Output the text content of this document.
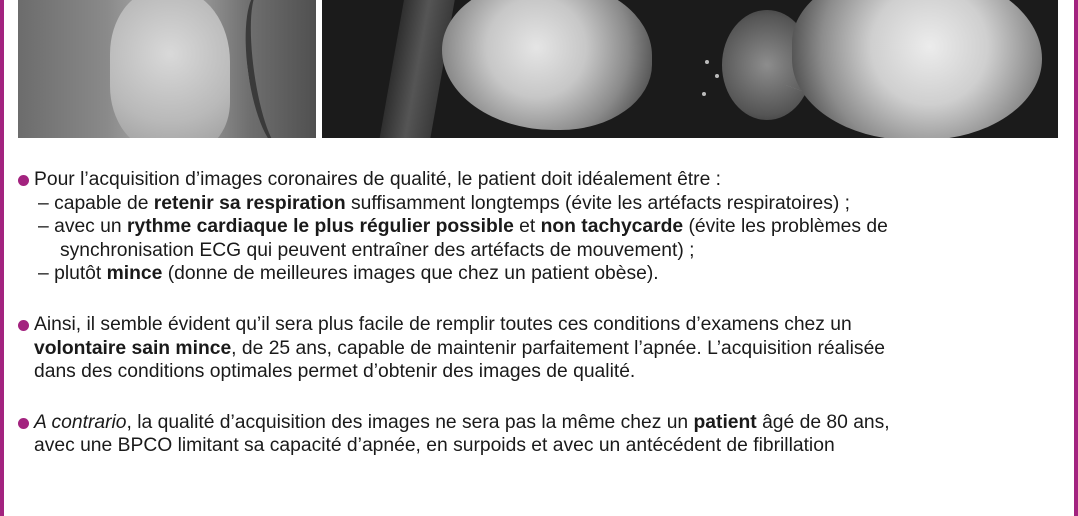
Pour l’acquisition d’images coronaires de qualité, le patient doit idéalement être :
– capable de retenir sa respiration suffisamment longtemps (évite les artéfacts respiratoires) ;
– avec un rythme cardiaque le plus régulier possible et non tachycarde (évite les problèmes de
synchronisation ECG qui peuvent entraîner des artéfacts de mouvement) ;
– plutôt mince (donne de meilleures images que chez un patient obèse).
Ainsi, il semble évident qu’il sera plus facile de remplir toutes ces conditions d’examens chez un
volontaire sain mince, de 25 ans, capable de maintenir parfaitement l’apnée. L’acquisition réalisée
dans des conditions optimales permet d’obtenir des images de qualité.
A contrario, la qualité d’acquisition des images ne sera pas la même chez un patient âgé de 80 ans,
avec une BPCO limitant sa capacité d’apnée, en surpoids et avec un antécédent de fibrillation
